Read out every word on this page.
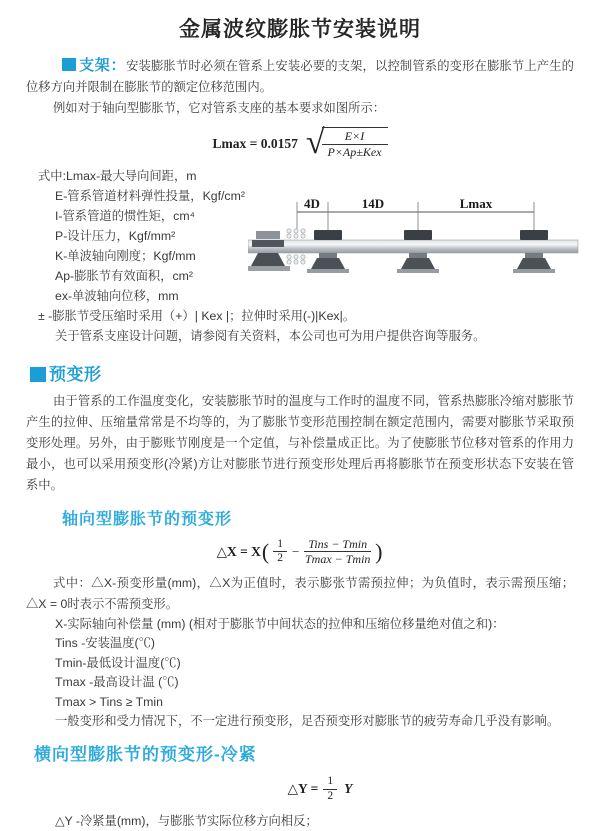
金属波纹膨胀节安装说明

支架：安装膨胀节时必须在管系上安装必要的支架，以控制管系的变形在膨胀节上产生的位移方向并限制在膨胀节的额定位移范围内。

例如对于轴向型膨胀节，它对管系支座的基本要求如图所示：

Lmax = 0.0157 √
$\frac{E\times I}{\text{P×Ap±Kex}}$

式中:Lmax-最大导向间距，m

E-管系管道材料弹性投量，Kgf/cm²

I-管系管道的惯性矩，cm⁴

P-设计压力，Kgf/mm²

K-单波轴向刚度；Kgf/mm

Ap-膨胀节有效面积，cm²

ex-单波轴向位移，mm

± -膨胀节受压缩时采用（+）| Kex |；拉伸时采用(-)|Kex|。

关于管系支座设计问题，请参阅有关资料，本公司也可为用户提供咨询等服务。

4D	14D	Lmax
预变形

由于管系的工作温度变化，安装膨胀节时的温度与工作时的温度不同，管系热膨胀冷缩对膨胀节产生的拉伸、压缩量常常是不均等的，为了膨胀节变形范围控制在额定范围内，需要对膨胀节采取预变形处理。另外，由于膨账节刚度是一个定值，与补偿量成正比。为了使膨胀节位移对管系的作用力最小，也可以采用预变形(冷紧)方让对膨胀节进行预变形处理后再将膨胀节在预变形状态下安装在管系中。

轴向型膨胀节的预变形
△X = X ( $\frac{1}{2} - \frac{\text{Tins − Tmin}}{Tmax - Tmin}$ )

式中：△X-预变形量(mm)，△X为正值时，表示膨张节需预拉伸；为负值时，表示需预压缩；△X = 0时表示不需预变形。

X-实际轴向补偿量 (mm) (相对于膨胀节中间状态的拉伸和压缩位移量绝对值之和)：

Tins -安装温度(℃)

Tmin-最低设计温度(℃)

Tmax -最高设计温 (℃)

Tmax > Tins ≥ Tmin

一般变形和受力情况下，不一定进行预变形，足否预变形对膨胀节的疲劳寿命几乎没有影响。

横向型膨胀节的预变形-冷紧
△Y = $\frac{1}{2}$ Y

△Y -冷紧量(mm)，与膨胀节实际位移方向相反；
